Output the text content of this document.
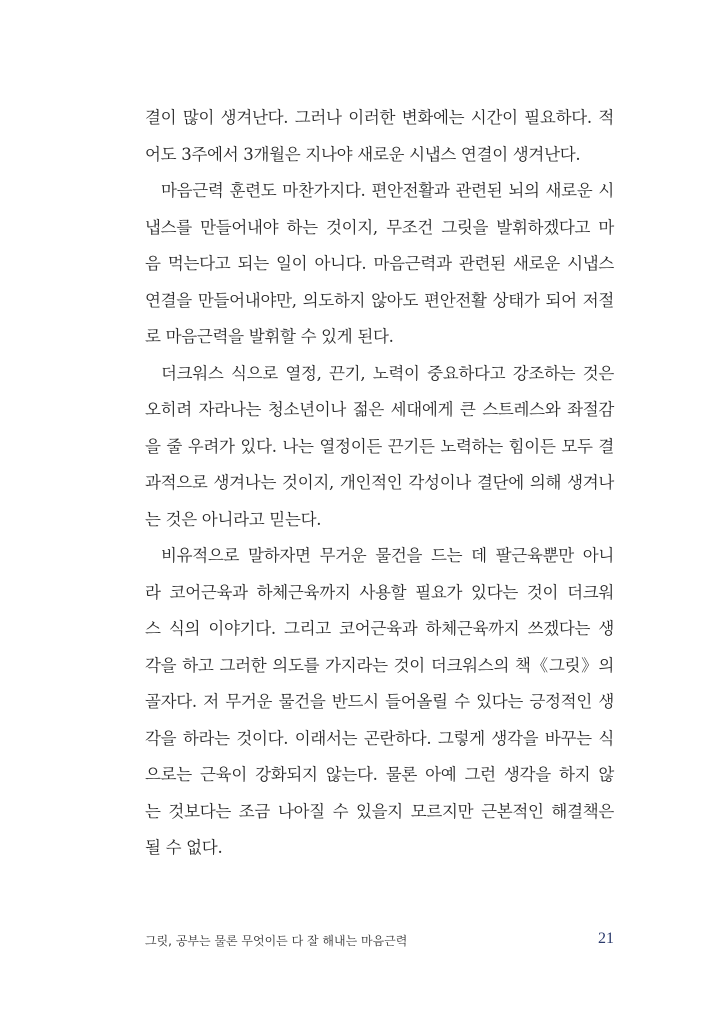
결이 많이 생겨난다. 그러나 이러한 변화에는 시간이 필요하다. 적
어도 3주에서 3개월은 지나야 새로운 시냅스 연결이 생겨난다.
마음근력 훈련도 마찬가지다. 편안전활과 관련된 뇌의 새로운 시
냅스를 만들어내야 하는 것이지, 무조건 그릿을 발휘하겠다고 마
음 먹는다고 되는 일이 아니다. 마음근력과 관련된 새로운 시냅스
연결을 만들어내야만, 의도하지 않아도 편안전활 상태가 되어 저절
로 마음근력을 발휘할 수 있게 된다.
더크워스 식으로 열정, 끈기, 노력이 중요하다고 강조하는 것은
오히려 자라나는 청소년이나 젊은 세대에게 큰 스트레스와 좌절감
을 줄 우려가 있다. 나는 열정이든 끈기든 노력하는 힘이든 모두 결
과적으로 생겨나는 것이지, 개인적인 각성이나 결단에 의해 생겨나
는 것은 아니라고 믿는다.
비유적으로 말하자면 무거운 물건을 드는 데 팔근육뿐만 아니
라 코어근육과 하체근육까지 사용할 필요가 있다는 것이 더크워
스 식의 이야기다. 그리고 코어근육과 하체근육까지 쓰겠다는 생
각을 하고 그러한 의도를 가지라는 것이 더크워스의 책《그릿》의
골자다. 저 무거운 물건을 반드시 들어올릴 수 있다는 긍정적인 생
각을 하라는 것이다. 이래서는 곤란하다. 그렇게 생각을 바꾸는 식
으로는 근육이 강화되지 않는다. 물론 아예 그런 생각을 하지 않
는 것보다는 조금 나아질 수 있을지 모르지만 근본적인 해결책은
될 수 없다.
그릿, 공부는 물론 무엇이든 다 잘 해내는 마음근력	21
